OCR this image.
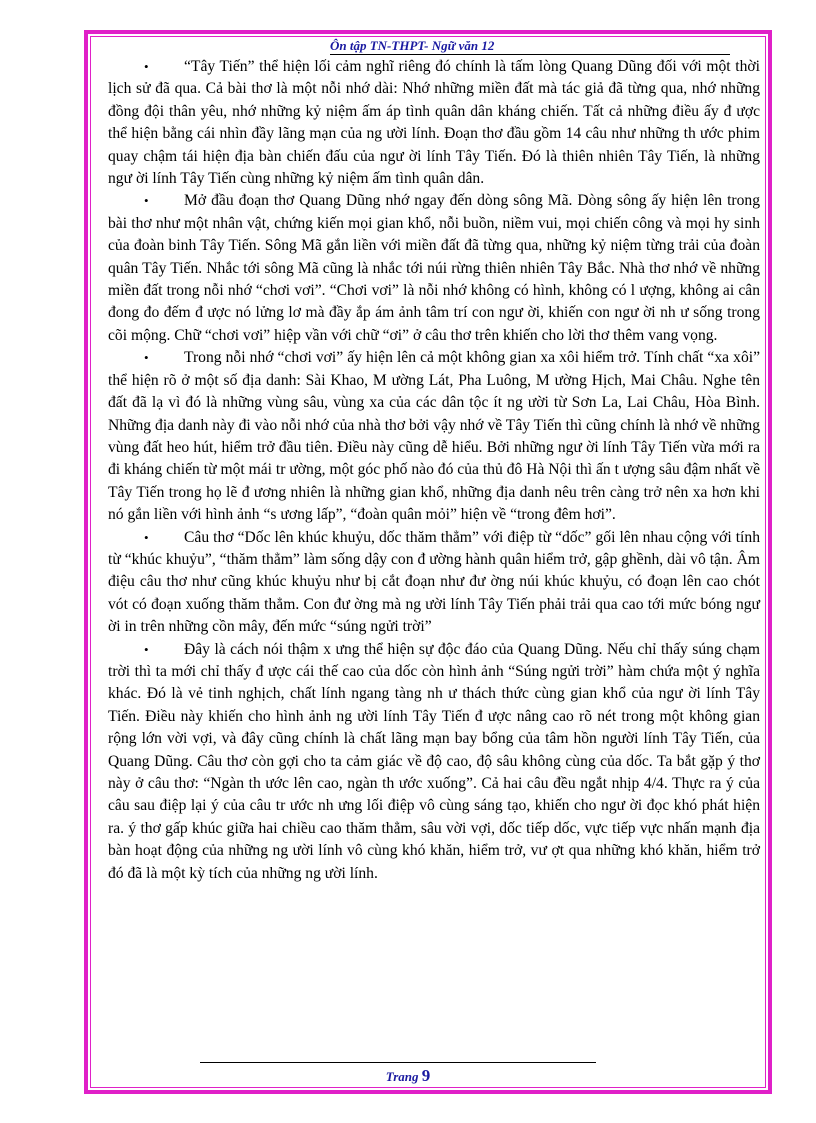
Ôn tập TN-THPT- Ngữ văn 12

• “Tây Tiến” thể hiện lối cảm nghĩ riêng đó chính là tấm lòng Quang Dũng đối với một thời lịch sử đã qua. Cả bài thơ là một nỗi nhớ dài: Nhớ những miền đất mà tác giả đã từng qua, nhớ những đồng đội thân yêu, nhớ những kỷ niệm ấm áp tình quân dân kháng chiến. Tất cả những điều ấy đ ược thể hiện bằng cái nhìn đầy lãng mạn của ng ười lính. Đoạn thơ đầu gồm 14 câu như những th ước phim quay chậm tái hiện địa bàn chiến đấu của ngư ời lính Tây Tiến. Đó là thiên nhiên Tây Tiến, là những ngư ời lính Tây Tiến cùng những kỷ niệm ấm tình quân dân.

• Mở đầu đoạn thơ Quang Dũng nhớ ngay đến dòng sông Mã. Dòng sông ấy hiện lên trong bài thơ như một nhân vật, chứng kiến mọi gian khổ, nỗi buồn, niềm vui, mọi chiến công và mọi hy sinh của đoàn binh Tây Tiến. Sông Mã gắn liền với miền đất đã từng qua, những kỷ niệm từng trải của đoàn quân Tây Tiến. Nhắc tới sông Mã cũng là nhắc tới núi rừng thiên nhiên Tây Bắc. Nhà thơ nhớ về những miền đất trong nỗi nhớ “chơi vơi”. “Chơi vơi” là nỗi nhớ không có hình, không có l ượng, không ai cân đong đo đếm đ ược nó lửng lơ mà đầy ắp ám ảnh tâm trí con ngư ời, khiến con ngư ời nh ư sống trong cõi mộng. Chữ “chơi vơi” hiệp vần với chữ “ơi” ở câu thơ trên khiến cho lời thơ thêm vang vọng.

• Trong nỗi nhớ “chơi vơi” ấy hiện lên cả một không gian xa xôi hiểm trở. Tính chất “xa xôi” thể hiện rõ ở một số địa danh: Sài Khao, M ường Lát, Pha Luông, M ường Hịch, Mai Châu. Nghe tên đất đã lạ vì đó là những vùng sâu, vùng xa của các dân tộc ít ng ười từ Sơn La, Lai Châu, Hòa Bình. Những địa danh này đi vào nỗi nhớ của nhà thơ bởi vậy nhớ về Tây Tiến thì cũng chính là nhớ về những vùng đất heo hút, hiểm trở đầu tiên. Điều này cũng dễ hiểu. Bởi những ngư ời lính Tây Tiến vừa mới ra đi kháng chiến từ một mái tr ường, một góc phố nào đó của thủ đô Hà Nội thì ấn t ượng sâu đậm nhất về Tây Tiến trong họ lẽ đ ương nhiên là những gian khổ, những địa danh nêu trên càng trở nên xa hơn khi nó gắn liền với hình ảnh “s ương lấp”, “đoàn quân mỏi” hiện về “trong đêm hơi”.

• Câu thơ “Dốc lên khúc khuỷu, dốc thăm thẳm” với điệp từ “dốc” gối lên nhau cộng với tính từ “khúc khuỷu”, “thăm thẳm” làm sống dậy con đ ường hành quân hiểm trở, gập ghềnh, dài vô tận. Âm điệu câu thơ như cũng khúc khuỷu như bị cắt đoạn như đư ờng núi khúc khuỷu, có đoạn lên cao chót vót có đoạn xuống thăm thẳm. Con đư ờng mà ng ười lính Tây Tiến phải trải qua cao tới mức bóng ngư ời in trên những cồn mây, đến mức “súng ngửi trời”

• Đây là cách nói thậm x ưng thể hiện sự độc đáo của Quang Dũng. Nếu chỉ thấy súng chạm trời thì ta mới chỉ thấy đ ược cái thế cao của dốc còn hình ảnh “Súng ngửi trời” hàm chứa một ý nghĩa khác. Đó là vẻ tinh nghịch, chất lính ngang tàng nh ư thách thức cùng gian khổ của ngư ời lính Tây Tiến. Điều này khiến cho hình ảnh ng ười lính Tây Tiến đ ược nâng cao rõ nét trong một không gian rộng lớn vời vợi, và đây cũng chính là chất lãng mạn bay bổng của tâm hồn người lính Tây Tiến, của Quang Dũng. Câu thơ còn gợi cho ta cảm giác về độ cao, độ sâu không cùng của dốc. Ta bắt gặp ý thơ này ở câu thơ: “Ngàn th ước lên cao, ngàn th ước xuống”. Cả hai câu đều ngắt nhịp 4/4. Thực ra ý của câu sau điệp lại ý của câu tr ước nh ưng lối điệp vô cùng sáng tạo, khiến cho ngư ời đọc khó phát hiện ra. ý thơ gấp khúc giữa hai chiều cao thăm thẳm, sâu vời vợi, dốc tiếp dốc, vực tiếp vực nhấn mạnh địa bàn hoạt động của những ng ười lính vô cùng khó khăn, hiểm trở, vư ợt qua những khó khăn, hiểm trở đó đã là một kỳ tích của những ng ười lính.

Trang 9
